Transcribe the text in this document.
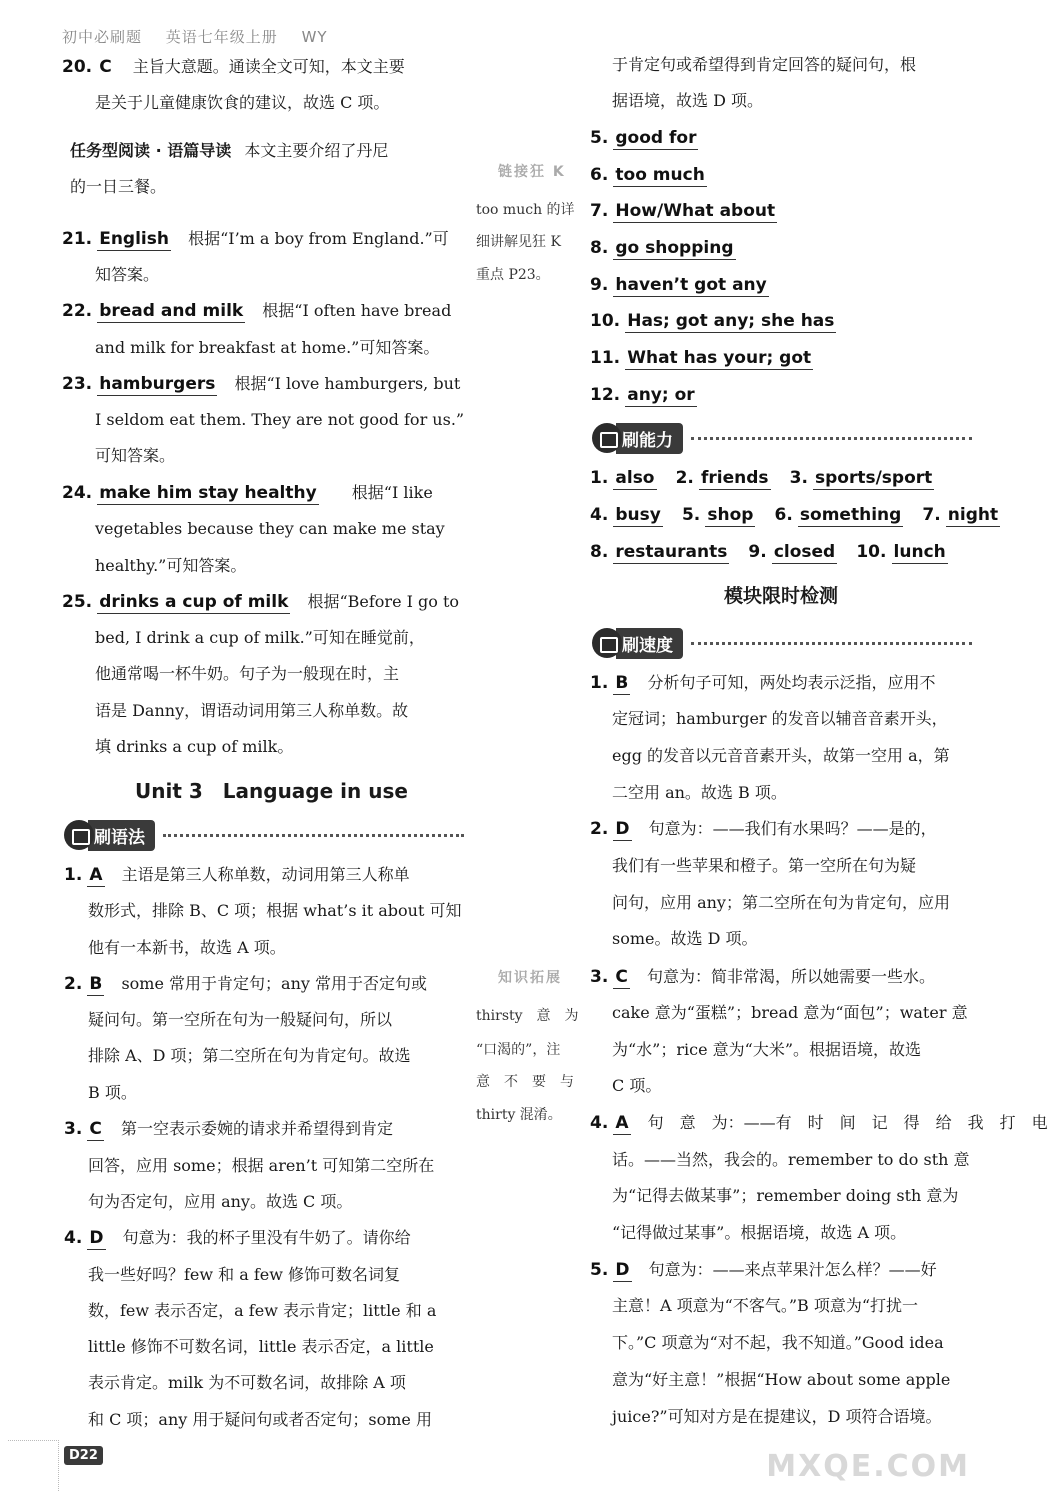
初中必刷题 英语七年级上册 WY
20. C 主旨大意题。通读全文可知，本文主要
是关于儿童健康饮食的建议，故选 C 项。
任务型阅读 · 语篇导读 本文主要介绍了丹尼
的一日三餐。
21. English 根据“I’m a boy from England.”可
知答案。
22. bread and milk 根据“I often have bread
and milk for breakfast at home.”可知答案。
23. hamburgers 根据“I love hamburgers, but
I seldom eat them. They are not good for us.”
可知答案。
24. make him stay healthy 根据“I like
vegetables because they can make me stay
healthy.”可知答案。
25. drinks a cup of milk 根据“Before I go to
bed, I drink a cup of milk.”可知在睡觉前，
他通常喝一杯牛奶。句子为一般现在时，主
语是 Danny，谓语动词用第三人称单数。故
填 drinks a cup of milk。
Unit 3　Language in use
刷语法
1. A 主语是第三人称单数，动词用第三人称单
数形式，排除 B、C 项；根据 what’s it about 可知
他有一本新书，故选 A 项。
2. B some 常用于肯定句；any 常用于否定句或
疑问句。第一空所在句为一般疑问句，所以
排除 A、D 项；第二空所在句为肯定句。故选
B 项。
3. C 第一空表示委婉的请求并希望得到肯定
回答，应用 some；根据 aren’t 可知第二空所在
句为否定句，应用 any。故选 C 项。
4. D 句意为：我的杯子里没有牛奶了。请你给
我一些好吗？few 和 a few 修饰可数名词复
数，few 表示否定，a few 表示肯定；little 和 a
little 修饰不可数名词，little 表示否定，a little
表示肯定。milk 为不可数名词，故排除 A 项
和 C 项；any 用于疑问句或者否定句；some 用
链接狂 K
too much 的详
细讲解见狂 K
重点 P23。
知识拓展
thirsty　意　为
“口渴的”，注
意　不　要　与
thirty 混淆。
于肯定句或希望得到肯定回答的疑问句，根
据语境，故选 D 项。
5. good for
6. too much
7. How/What about
8. go shopping
9. haven’t got any
10. Has; got any; she has
11. What has your; got
12. any; or
刷能力
1. also 2. friends 3. sports/sport
4. busy 5. shop 6. something 7. night
8. restaurants 9. closed 10. lunch
模块限时检测
刷速度
1. B 分析句子可知，两处均表示泛指，应用不
定冠词；hamburger 的发音以辅音音素开头，
egg 的发音以元音音素开头，故第一空用 a，第
二空用 an。故选 B 项。
2. D 句意为：——我们有水果吗？——是的，
我们有一些苹果和橙子。第一空所在句为疑
问句，应用 any；第二空所在句为肯定句，应用
some。故选 D 项。
3. C 句意为：简非常渴，所以她需要一些水。
cake 意为“蛋糕”；bread 意为“面包”；water 意
为“水”；rice 意为“大米”。根据语境，故选
C 项。
4. A 句　意　为：——有　时　间　记　得　给　我　打　电
话。——当然，我会的。remember to do sth 意
为“记得去做某事”；remember doing sth 意为
“记得做过某事”。根据语境，故选 A 项。
5. D 句意为：——来点苹果汁怎么样？——好
主意！A 项意为“不客气。”B 项意为“打扰一
下。”C 项意为“对不起，我不知道。”Good idea
意为“好主意！”根据“How about some apple
juice?”可知对方是在提建议，D 项符合语境。
D22	MXQE.COM
